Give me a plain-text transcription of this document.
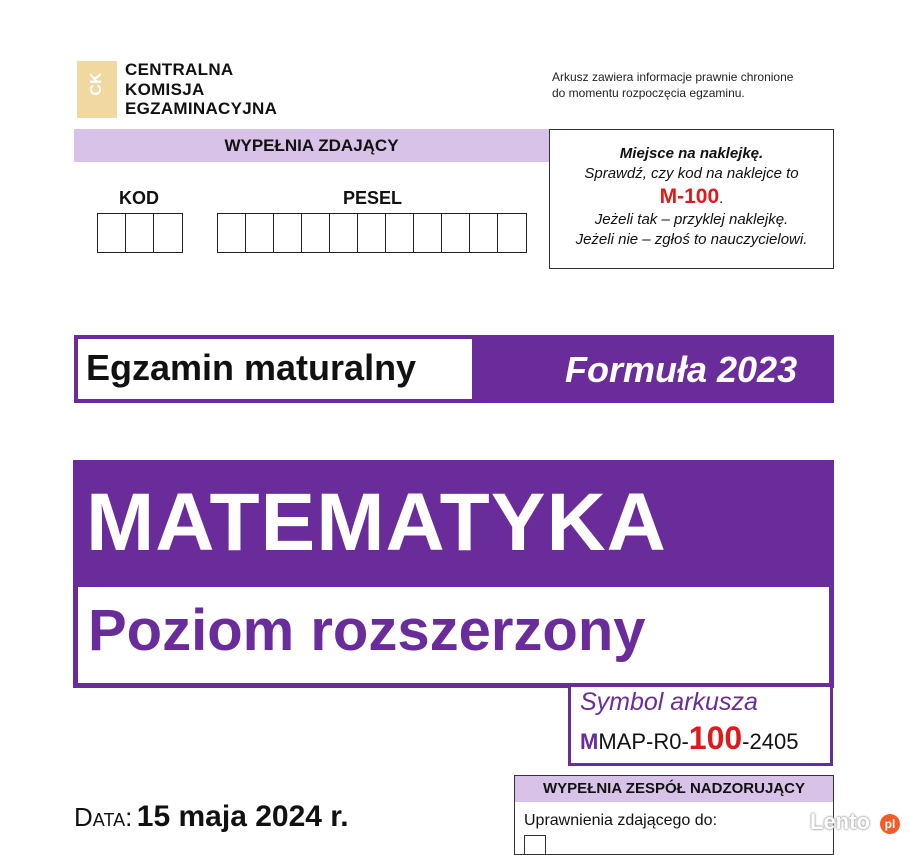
CK
CENTRALNA
KOMISJA
EGZAMINACYJNA
Arkusz zawiera informacje prawnie chronione
do momentu rozpoczęcia egzaminu.
WYPEŁNIA ZDAJĄCY
KOD	PESEL
Miejsce na naklejkę.
Sprawdź, czy kod na naklejce to
M-100.
Jeżeli tak – przyklej naklejkę.
Jeżeli nie – zgłoś to nauczycielowi.
Egzamin maturalny	Formuła 2023
MATEMATYKA
Poziom rozszerzony
Symbol arkusza
MMAP-R0-100-2405
Data: 15 maja 2024 r.
WYPEŁNIA ZESPÓŁ NADZORUJĄCY
Uprawnienia zdającego do:	Lento	pl
